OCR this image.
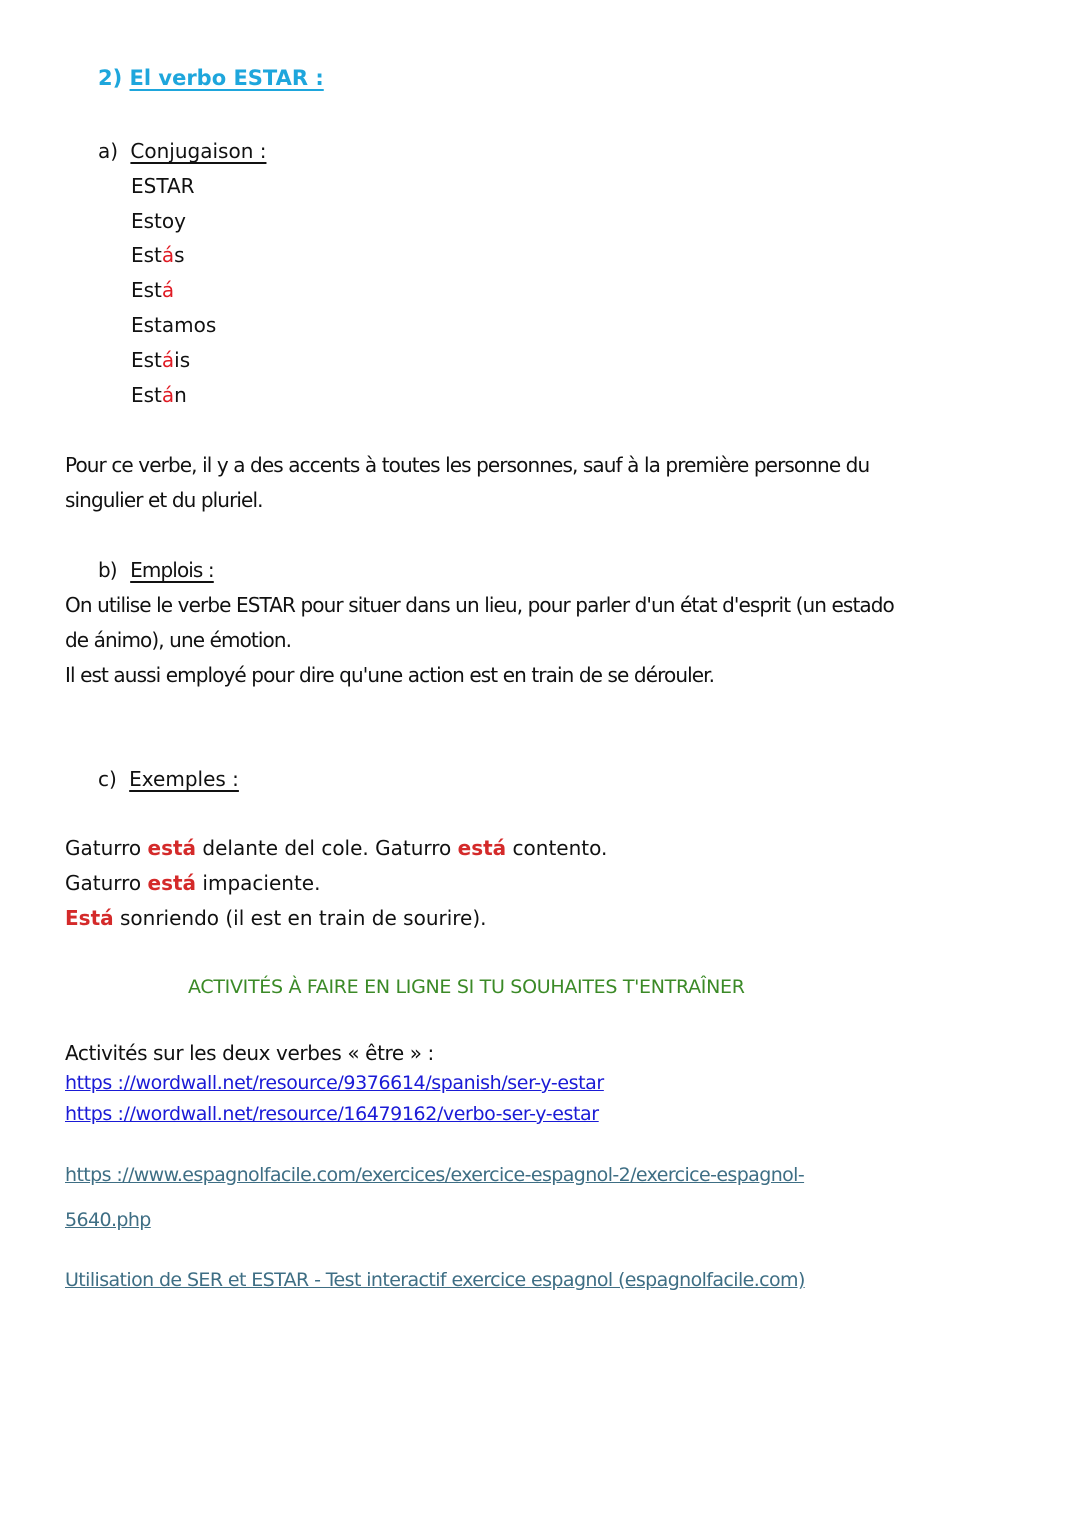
2) El verbo ESTAR :
a) Conjugaison :
ESTAR
Estoy
Estás
Está
Estamos
Estáis
Están
Pour ce verbe, il y a des accents à toutes les personnes, sauf à la première personne du
singulier et du pluriel.
b) Emplois :
On utilise le verbe ESTAR pour situer dans un lieu, pour parler d'un état d'esprit (un estado
de ánimo), une émotion.
Il est aussi employé pour dire qu'une action est en train de se dérouler.
c) Exemples :
Gaturro está delante del cole. Gaturro está contento.
Gaturro está impaciente.
Está sonriendo (il est en train de sourire).
ACTIVITÉS À FAIRE EN LIGNE SI TU SOUHAITES T'ENTRAÎNER
Activités sur les deux verbes « être » :
https ://wordwall.net/resource/9376614/spanish/ser-y-estar
https ://wordwall.net/resource/16479162/verbo-ser-y-estar
https ://www.espagnolfacile.com/exercices/exercice-espagnol-2/exercice-espagnol-
5640.php
Utilisation de SER et ESTAR - Test interactif exercice espagnol (espagnolfacile.com)
